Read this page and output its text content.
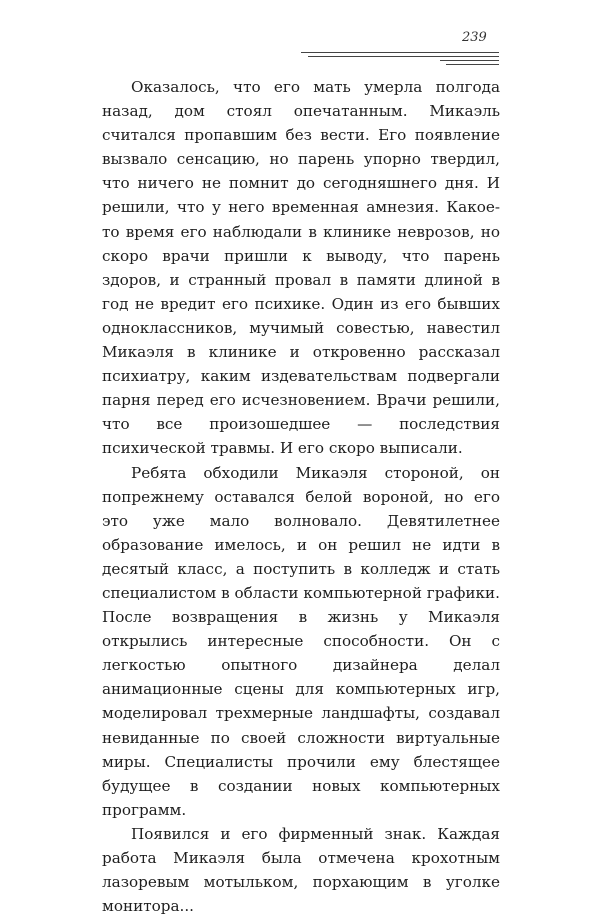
239

Оказалось, что его мать умерла полгода назад, дом стоял опечатанным. Микаэль считался пропавшим без вести. Его появление вызвало сенсацию, но парень упорно твердил, что ничего не помнит до сегодняшнего дня. И решили, что у него временная амнезия. Какое-то время его наблюдали в клинике неврозов, но скоро врачи пришли к выводу, что парень здоров, и странный провал в памяти длиной в год не вредит его психике. Один из его бывших одноклассников, мучимый совестью, навестил Микаэля в клинике и откровенно рассказал психиатру, каким издевательствам подвергали парня перед его исчезновением. Врачи решили, что все произошедшее — последствия психической травмы. И его скоро выписали.

Ребята обходили Микаэля стороной, он попрежнему оставался белой вороной, но его это уже мало волновало. Девятилетнее образование имелось, и он решил не идти в десятый класс, а поступить в колледж и стать специалистом в области компьютерной графики. После возвращения в жизнь у Микаэля открылись интересные способности. Он с легкостью опытного дизайнера делал анимационные сцены для компьютерных игр, моделировал трехмерные ландшафты, создавал невиданные по своей сложности виртуальные миры. Специалисты прочили ему блестящее будущее в создании новых компьютерных программ.

Появился и его фирменный знак. Каждая работа Микаэля была отмечена крохотным лазоревым мотыльком, порхающим в уголке монитора...
